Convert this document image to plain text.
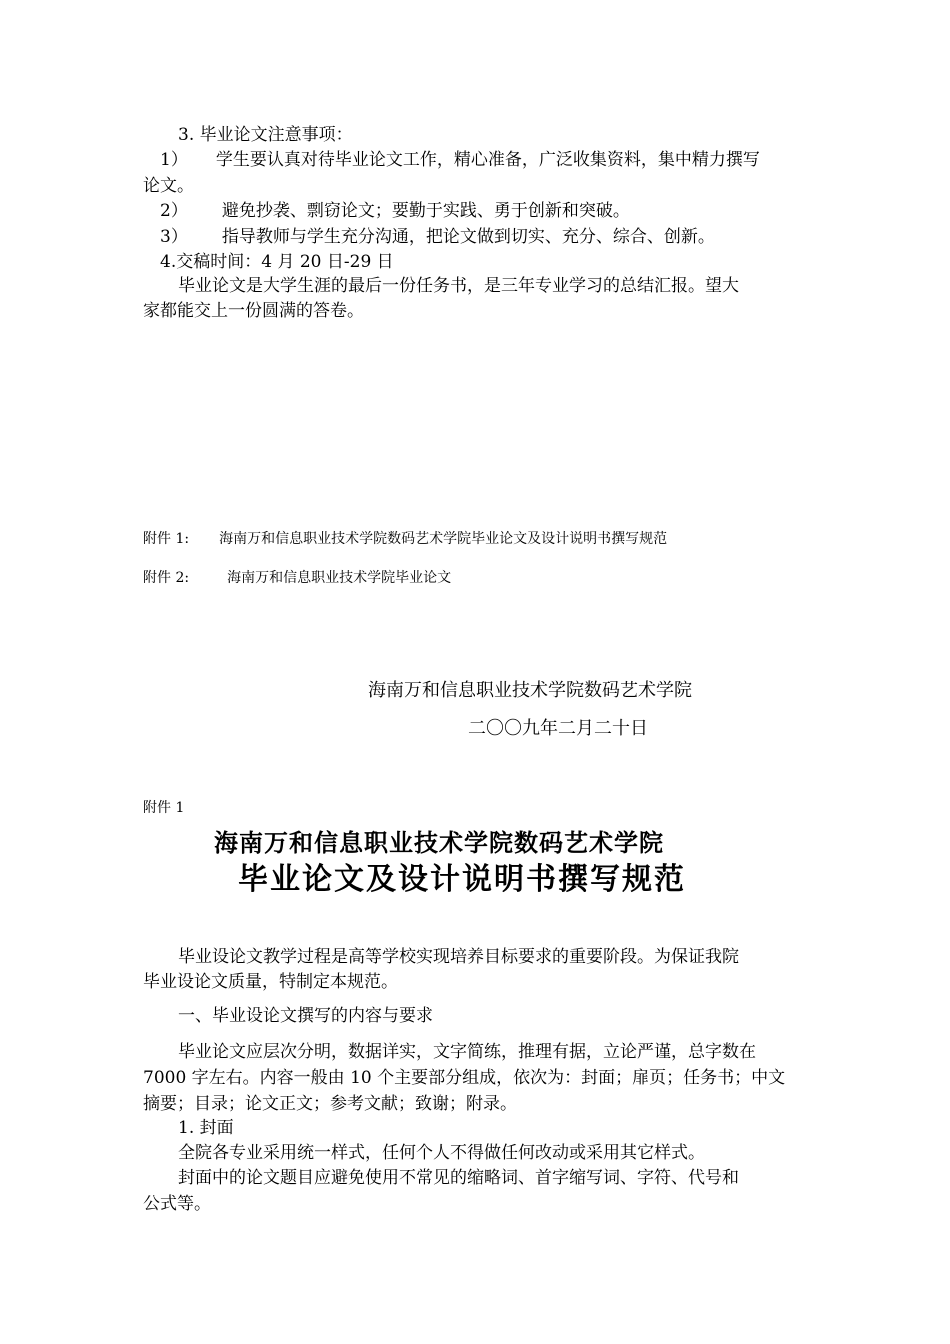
3. 毕业论文注意事项：
1） 学生要认真对待毕业论文工作，精心准备，广泛收集资料，集中精力撰写
论文。
2） 避免抄袭、剽窃论文；要勤于实践、勇于创新和突破。
3） 指导教师与学生充分沟通，把论文做到切实、充分、综合、创新。
4.交稿时间：4 月 20 日-29 日
毕业论文是大学生涯的最后一份任务书，是三年专业学习的总结汇报。望大
家都能交上一份圆满的答卷。
附件 1: 海南万和信息职业技术学院数码艺术学院毕业论文及设计说明书撰写规范
附件 2:	海南万和信息职业技术学院毕业论文
海南万和信息职业技术学院数码艺术学院
二〇〇九年二月二十日
附件 1
海南万和信息职业技术学院数码艺术学院
毕业论文及设计说明书撰写规范
毕业设论文教学过程是高等学校实现培养目标要求的重要阶段。为保证我院
毕业设论文质量，特制定本规范。
一、毕业设论文撰写的内容与要求
毕业论文应层次分明，数据详实，文字简练，推理有据，立论严谨，总字数在
7000 字左右。内容一般由 10 个主要部分组成，依次为：封面；扉页；任务书；中文
摘要；目录；论文正文；参考文献；致谢；附录。
1. 封面
全院各专业采用统一样式，任何个人不得做任何改动或采用其它样式。
封面中的论文题目应避免使用不常见的缩略词、首字缩写词、字符、代号和
公式等。
